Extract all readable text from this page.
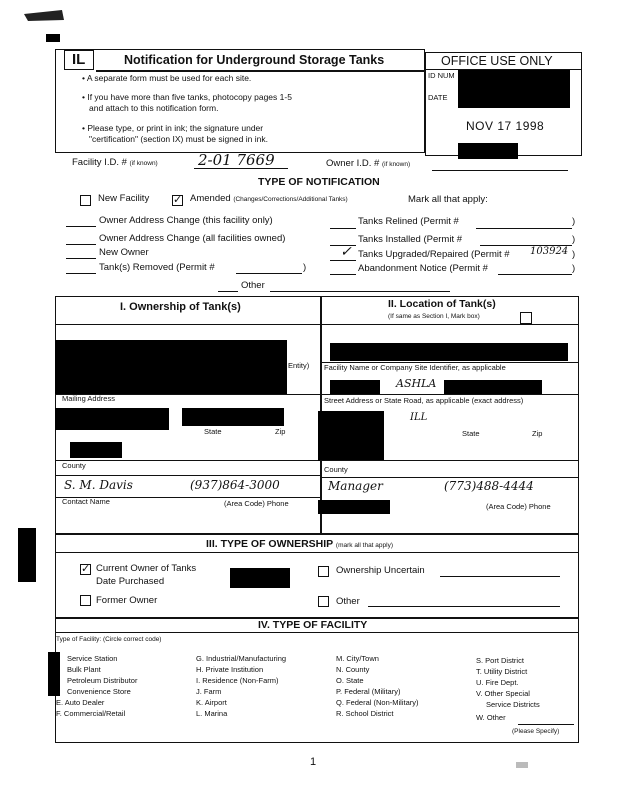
IL	Notification for Underground Storage Tanks
• A separate form must be used for each site.
• If you have more than five tanks, photocopy pages 1-5
and attach to this notification form.
• Please type, or print in ink; the signature under
"certification" (section IX) must be signed in ink.
OFFICE USE ONLY
ID NUM
DATE
NOV 17 1998
Facility I.D. # (if known)	2-01 7669	Owner I.D. # (if known)
TYPE OF NOTIFICATION
New Facility
✓	Amended (Changes/Corrections/Additional Tanks)	Mark all that apply:
Owner Address Change (this facility only)
Owner Address Change (all facilities owned)
New Owner
Tank(s) Removed (Permit #	)
Tanks Relined (Permit #	)
Tanks Installed (Permit #	)
✓ Tanks Upgraded/Repaired (Permit # 103924 )
Abandonment Notice (Permit #	)
Other
I. Ownership of Tank(s)	II. Location of Tank(s)
(If same as Section I, Mark box)
Entity)
Mailing Address
State	Zip
County
S. M. Davis	(937)864-3000
Contact Name	(Area Code) Phone
Facility Name or Company Site Identifier, as applicable
ASHLA
Street Address or State Road, as applicable (exact address)
ILL
State	Zip
County
Manager	(773)488-4444
(Area Code) Phone
III. TYPE OF OWNERSHIP (mark all that apply)
✓
Current Owner of Tanks
Date Purchased
Former Owner
Ownership Uncertain
Other
IV. TYPE OF FACILITY
Type of Facility: (Circle correct code)
Service Station
Bulk Plant
Petroleum Distributor
Convenience Store
E. Auto Dealer
F. Commercial/Retail
G. Industrial/Manufacturing
H. Private Institution
I. Residence (Non-Farm)
J. Farm
K. Airport
L. Marina
M. City/Town
N. County
O. State
P. Federal (Military)
Q. Federal (Non-Military)
R. School District
S. Port District
T. Utility District
U. Fire Dept.
V. Other Special
Service Districts
W. Other
(Please Specify)
1
